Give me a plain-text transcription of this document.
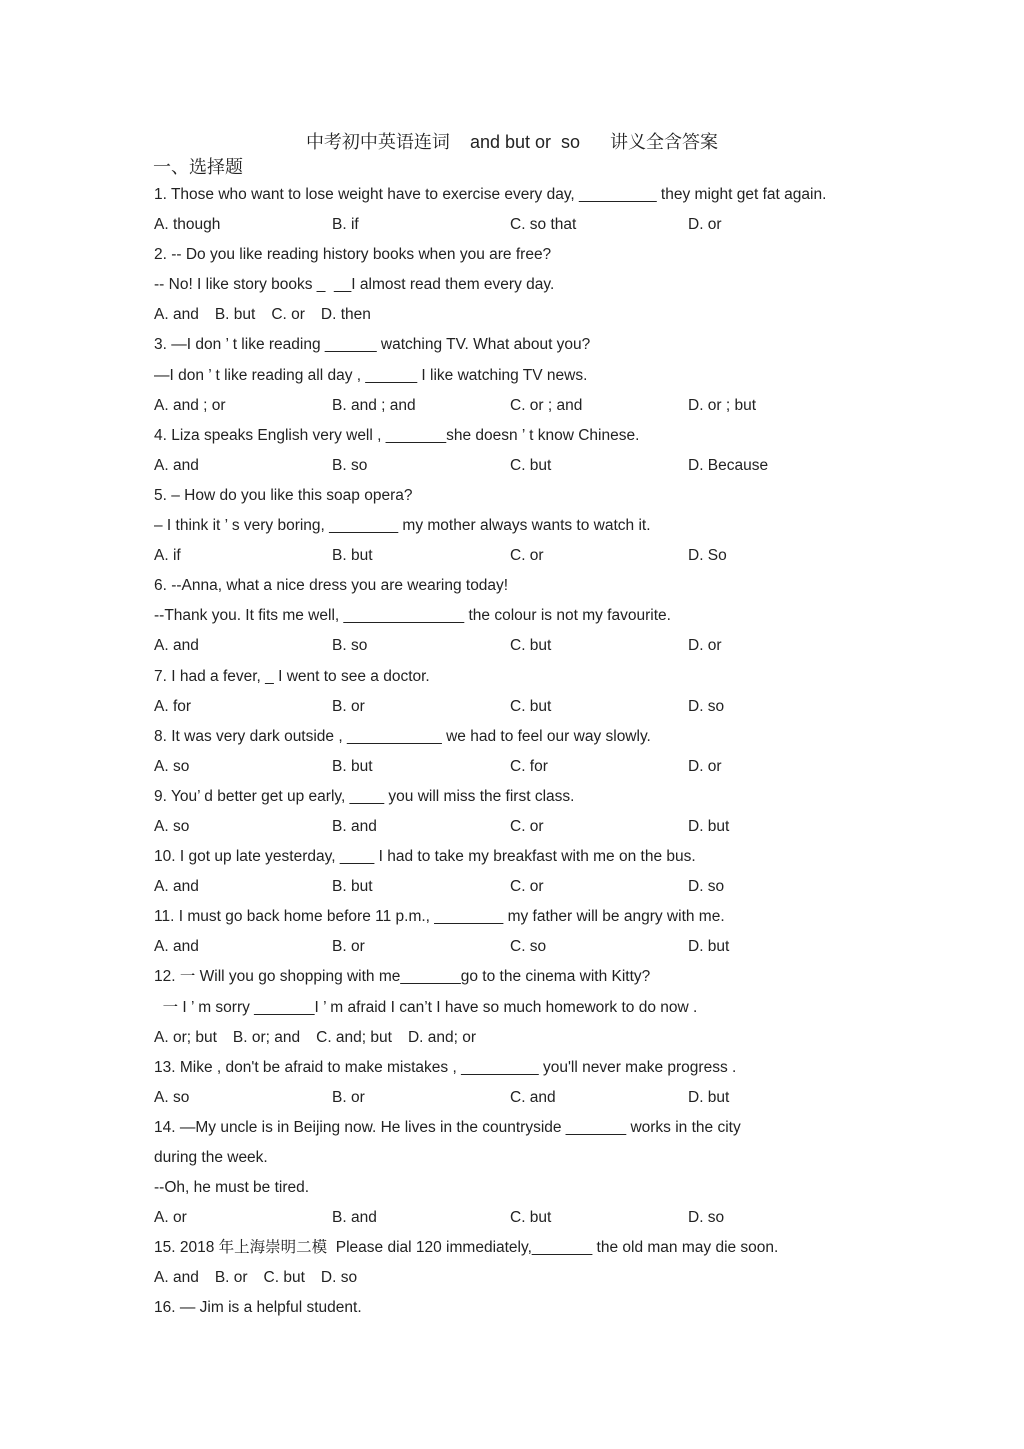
中考初中英语连词 and but or  so 讲义全含答案
一、选择题
1. Those who want to lose weight have to exercise every day, _________ they might get fat again.
A. though	B. if	C. so that	D. or
2. -- Do you like reading history books when you are free?
-- No! I like story books _  __I almost read them every day.
A. and B. but C. or D. then
3. —I don ’ t like reading ______ watching TV. What about you?
—I don ’ t like reading all day , ______ I like watching TV news.
A. and ; or	B. and ; and	C. or ; and	D. or ; but
4. Liza speaks English very well , _______she doesn ’ t know Chinese.
A. and	B. so	C. but	D. Because
5. – How do you like this soap opera?
– I think it ’ s very boring, ________ my mother always wants to watch it.
A. if	B. but	C. or	D. So
6. --Anna, what a nice dress you are wearing today!
--Thank you. It fits me well, ______________ the colour is not my favourite.
A. and	B. so	C. but	D. or
7. I had a fever, _ I went to see a doctor.
A. for	B. or	C. but	D. so
8. It was very dark outside , ___________ we had to feel our way slowly.
A. so	B. but	C. for	D. or
9. You’ d better get up early, ____ you will miss the first class.
A. so	B. and	C. or	D. but
10. I got up late yesterday, ____ I had to take my breakfast with me on the bus.
A. and	B. but	C. or	D. so
11. I must go back home before 11 p.m., ________ my father will be angry with me.
A. and	B. or	C. so	D. but
12. 一 Will you go shopping with me_______go to the cinema with Kitty?
一 I ’ m sorry _______I ’ m afraid I can’t I have so much homework to do now .
A. or; but B. or; and C. and; but D. and; or
13. Mike , don't be afraid to make mistakes , _________ you'll never make progress .
A. so	B. or	C. and	D. but
14. —My uncle is in Beijing now. He lives in the countryside _______ works in the city
during the week.
--Oh, he must be tired.
A. or	B. and	C. but	D. so
15. 2018 年上海崇明二模  Please dial 120 immediately,_______ the old man may die soon.
A. and B. or C. but D. so
16. — Jim is a helpful student.
